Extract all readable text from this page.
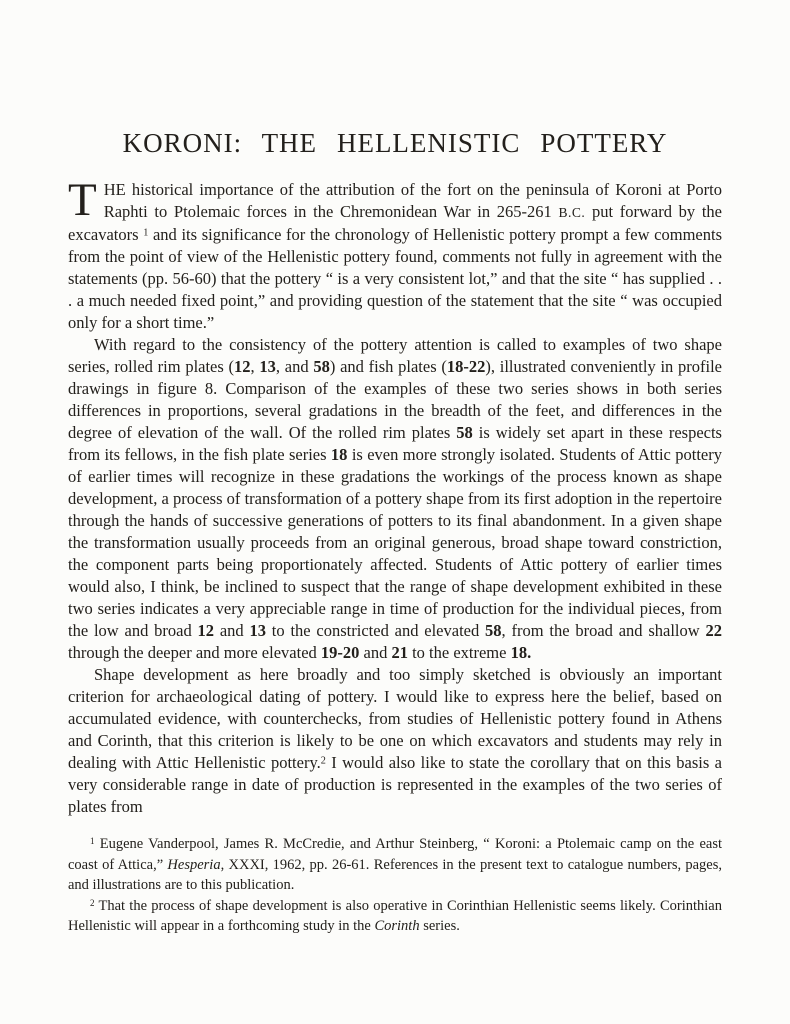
KORONI: THE HELLENISTIC POTTERY

THE historical importance of the attribution of the fort on the peninsula of Koroni at Porto Raphti to Ptolemaic forces in the Chremonidean War in 265-261 B.C. put forward by the excavators $^1$ and its significance for the chronology of Hellenistic pottery prompt a few comments from the point of view of the Hellenistic pottery found, comments not fully in agreement with the statements (pp. 56-60) that the pottery “ is a very consistent lot,” and that the site “ has supplied . . . a much needed fixed point,” and providing question of the statement that the site “ was occupied only for a short time.”

With regard to the consistency of the pottery attention is called to examples of two shape series, rolled rim plates (12, 13, and 58) and fish plates (18-22), illustrated conveniently in profile drawings in figure 8. Comparison of the examples of these two series shows in both series differences in proportions, several gradations in the breadth of the feet, and differences in the degree of elevation of the wall. Of the rolled rim plates 58 is widely set apart in these respects from its fellows, in the fish plate series 18 is even more strongly isolated. Students of Attic pottery of earlier times will recognize in these gradations the workings of the process known as shape development, a process of transformation of a pottery shape from its first adoption in the repertoire through the hands of successive generations of potters to its final abandonment. In a given shape the transformation usually proceeds from an original generous, broad shape toward constriction, the component parts being proportionately affected. Students of Attic pottery of earlier times would also, I think, be inclined to suspect that the range of shape development exhibited in these two series indicates a very appreciable range in time of production for the individual pieces, from the low and broad 12 and 13 to the constricted and elevated 58, from the broad and shallow 22 through the deeper and more elevated 19-20 and 21 to the extreme 18.

Shape development as here broadly and too simply sketched is obviously an important criterion for archaeological dating of pottery. I would like to express here the belief, based on accumulated evidence, with counterchecks, from studies of Hellenistic pottery found in Athens and Corinth, that this criterion is likely to be one on which excavators and students may rely in dealing with Attic Hellenistic pottery.$^2$ I would also like to state the corollary that on this basis a very considerable range in date of production is represented in the examples of the two series of plates from

$^1$ Eugene Vanderpool, James R. McCredie, and Arthur Steinberg, “ Koroni: a Ptolemaic camp on the east coast of Attica,” Hesperia, XXXI, 1962, pp. 26-61. References in the present text to catalogue numbers, pages, and illustrations are to this publication.

$^2$ That the process of shape development is also operative in Corinthian Hellenistic seems likely. Corinthian Hellenistic will appear in a forthcoming study in the Corinth series.
